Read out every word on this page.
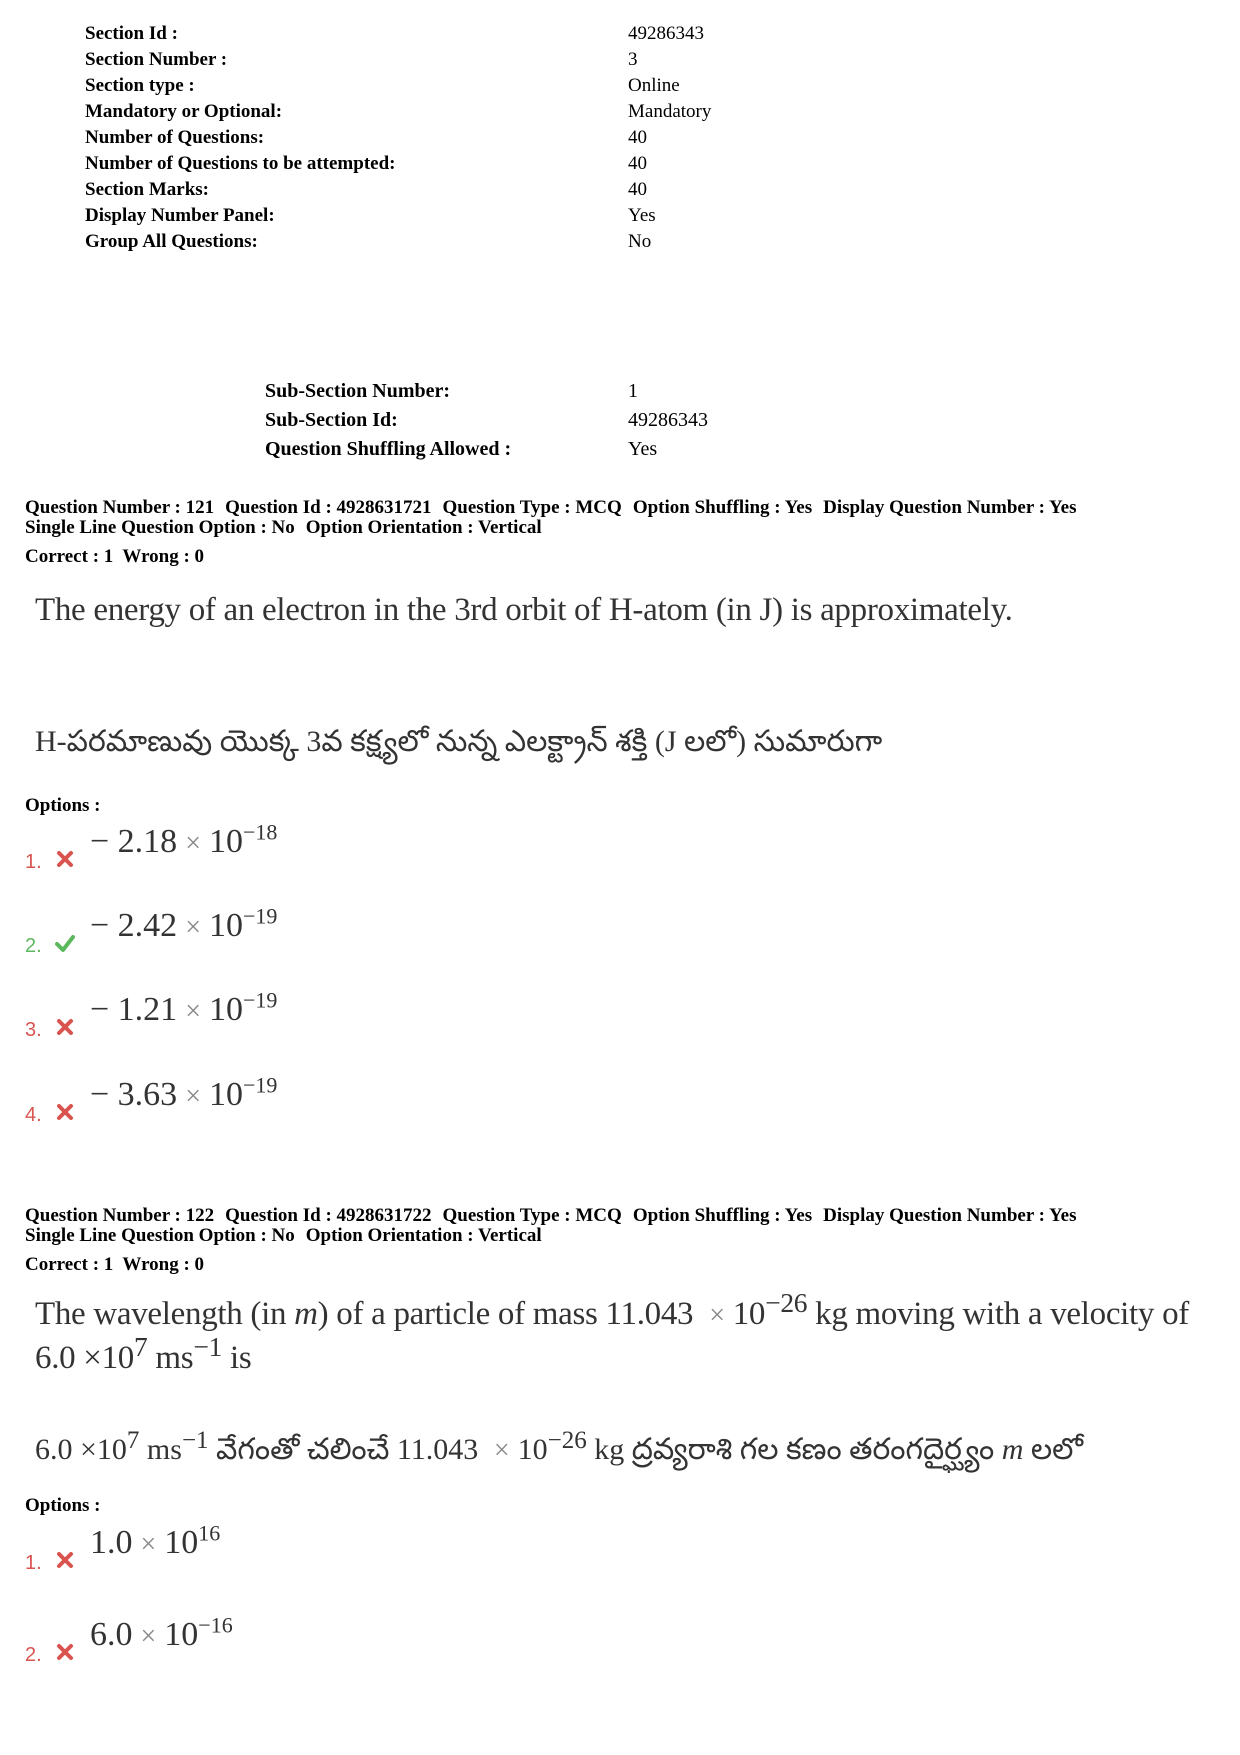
Section Id :	49286343
Section Number :	3
Section type :	Online
Mandatory or Optional:	Mandatory
Number of Questions:	40
Number of Questions to be attempted:	40
Section Marks:	40
Display Number Panel:	Yes
Group All Questions:	No
Sub-Section Number:	1
Sub-Section Id:	49286343
Question Shuffling Allowed :	Yes
Question Number : 121 Question Id : 4928631721 Question Type : MCQ Option Shuffling : Yes Display Question Number : Yes
Single Line Question Option : No Option Orientation : Vertical
Correct : 1  Wrong : 0
The energy of an electron in the 3rd orbit of H-atom (in J) is approximately.
H-పరమాణువు యొక్క 3వ కక్ష్యలో నున్న ఎలక్ట్రాన్ శక్తి (J లలో) సుమారుగా
Options :
1.
− $2.18 \times 10^{-18}$
2.
− $2.42 \times 10^{-19}$
3.
− $1.21 \times 10^{-19}$
4.
− $3.63 \times 10^{-19}$
Question Number : 122 Question Id : 4928631722 Question Type : MCQ Option Shuffling : Yes Display Question Number : Yes
Single Line Question Option : No Option Orientation : Vertical
Correct : 1  Wrong : 0
The wavelength (in m) of a particle of mass $11.043 \times 10^{-26}$ kg moving with a velocity of
$6.0 \times 10^7$ $ms^{-1}$ is
$6.0 \times 10^7$ $ms^{-1}$ వేగంతో చలించే $11.043 \times 10^{-26}$ kg ద్రవ్యరాశి గల కణం తరంగదైర్ఘ్యం m లలో
Options :
1.
$1.0 \times 10^{16}$
2.
$6.0 \times 10^{-16}$
